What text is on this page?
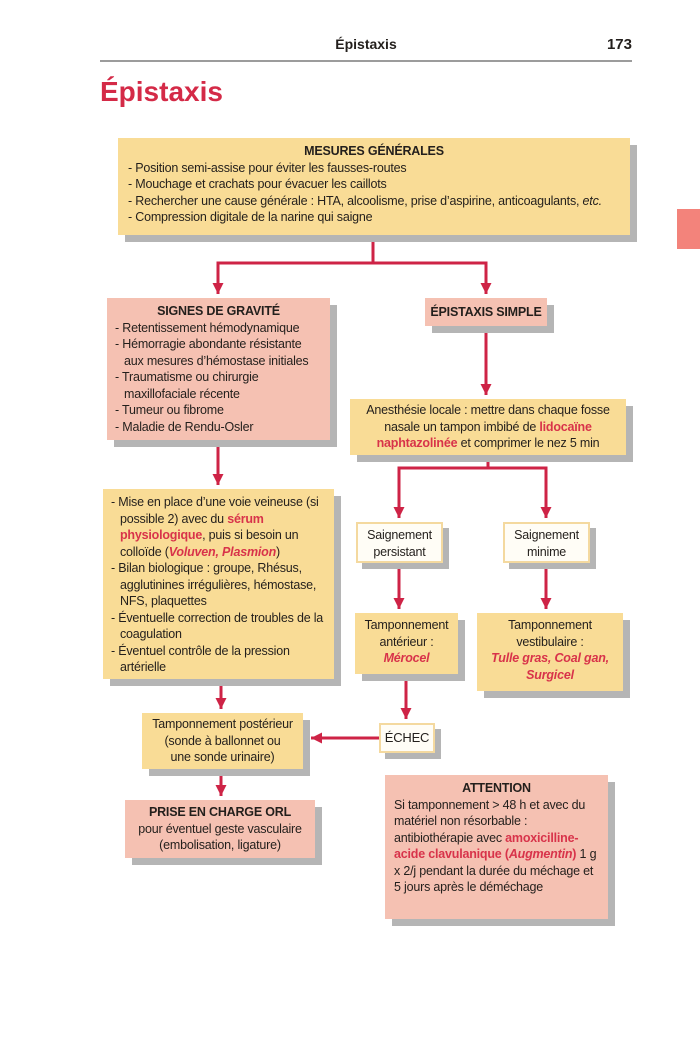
Épistaxis	173
Épistaxis
MESURES GÉNÉRALES
- Position semi-assise pour éviter les fausses-routes
- Mouchage et crachats pour évacuer les caillots
- Rechercher une cause générale : HTA, alcoolisme, prise d’aspirine, anticoagulants, etc.
- Compression digitale de la narine qui saigne
SIGNES DE GRAVITÉ
- Retentissement hémodynamique
- Hémorragie abondante résistante aux mesures d’hémostase initiales
- Traumatisme ou chirurgie maxillofaciale récente
- Tumeur ou fibrome
- Maladie de Rendu-Osler
ÉPISTAXIS SIMPLE
Anesthésie locale : mettre dans chaque fosse nasale un tampon imbibé de lidocaïne naphtazolinée et comprimer le nez 5 min
- Mise en place d’une voie veineuse (si possible 2) avec du sérum physiologique, puis si besoin un colloïde (Voluven, Plasmion)
- Bilan biologique : groupe, Rhésus, agglutinines irrégulières, hémostase, NFS, plaquettes
- Éventuelle correction de troubles de la coagulation
- Éventuel contrôle de la pression artérielle
Saignement persistant
Saignement minime
Tamponnement antérieur :
Mérocel
Tamponnement vestibulaire :
Tulle gras, Coal gan, Surgicel
ÉCHEC
Tamponnement postérieur
(sonde à ballonnet ou
une sonde urinaire)
PRISE EN CHARGE ORL
pour éventuel geste vasculaire
(embolisation, ligature)
ATTENTION
Si tamponnement > 48 h et avec du matériel non résorbable : antibiothérapie avec amoxicilline-acide clavulanique (Augmentin) 1 g x 2/j pendant la durée du méchage et 5 jours après le déméchage
